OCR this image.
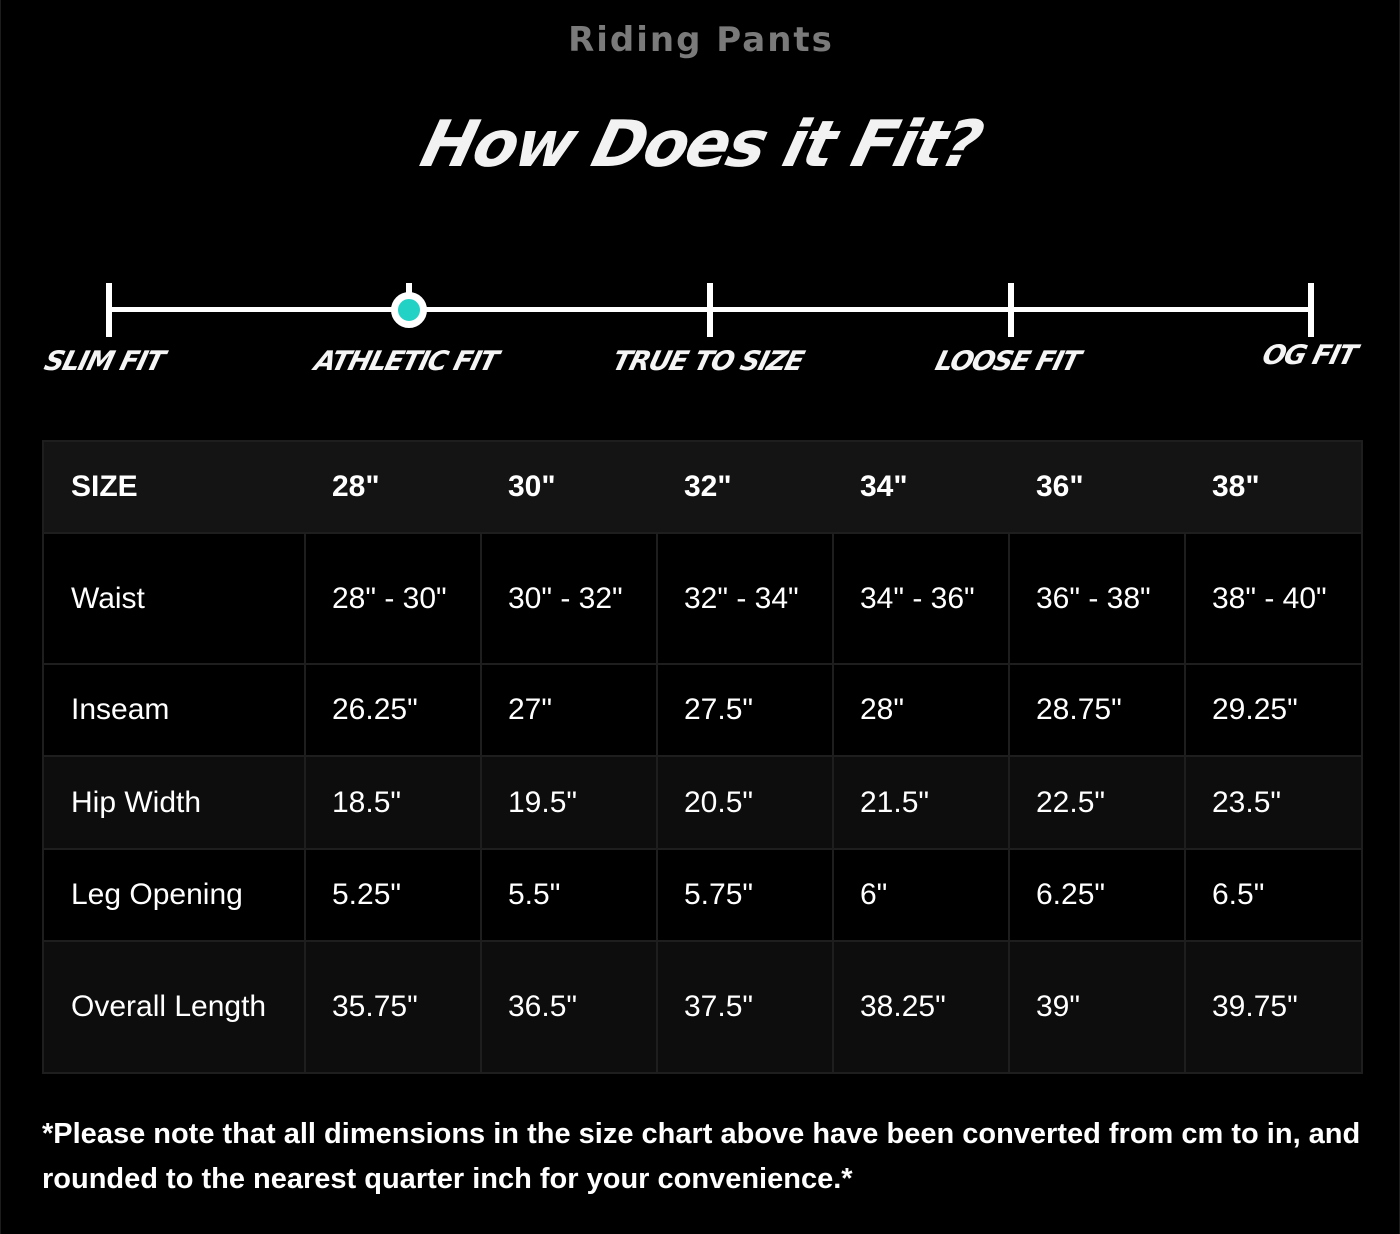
Riding Pants
How Does it Fit?
SLIM FIT	ATHLETIC FIT	TRUE TO SIZE	LOOSE FIT	OG FIT
SIZE	28"	30"	32"	34"	36"	38"
Waist	28" - 30"	30" - 32"	32" - 34"	34" - 36"	36" - 38"	38" - 40"
Inseam	26.25"	27"	27.5"	28"	28.75"	29.25"
Hip Width	18.5"	19.5"	20.5"	21.5"	22.5"	23.5"
Leg Opening	5.25"	5.5"	5.75"	6"	6.25"	6.5"
Overall Length	35.75"	36.5"	37.5"	38.25"	39"	39.75"
*Please note that all dimensions in the size chart above have been converted from cm to in, and rounded to the nearest quarter inch for your convenience.*
